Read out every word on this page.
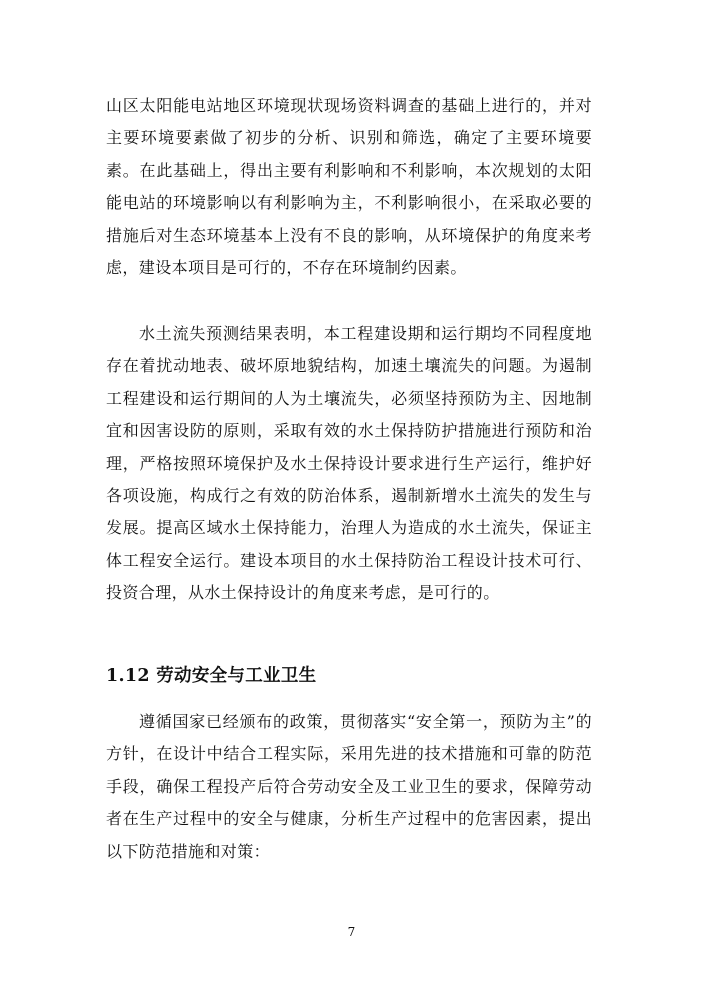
山区太阳能电站地区环境现状现场资料调查的基础上进行的，并对主要环境要素做了初步的分析、识别和筛选，确定了主要环境要素。在此基础上，得出主要有利影响和不利影响，本次规划的太阳能电站的环境影响以有利影响为主，不利影响很小，在采取必要的措施后对生态环境基本上没有不良的影响，从环境保护的角度来考虑，建设本项目是可行的，不存在环境制约因素。

水土流失预测结果表明，本工程建设期和运行期均不同程度地存在着扰动地表、破坏原地貌结构，加速土壤流失的问题。为遏制工程建设和运行期间的人为土壤流失，必须坚持预防为主、因地制宜和因害设防的原则，采取有效的水土保持防护措施进行预防和治理，严格按照环境保护及水土保持设计要求进行生产运行，维护好各项设施，构成行之有效的防治体系，遏制新增水土流失的发生与发展。提高区域水土保持能力，治理人为造成的水土流失，保证主体工程安全运行。建设本项目的水土保持防治工程设计技术可行、投资合理，从水土保持设计的角度来考虑，是可行的。

1.12 劳动安全与工业卫生

遵循国家已经颁布的政策，贯彻落实“安全第一，预防为主”的方针，在设计中结合工程实际，采用先进的技术措施和可靠的防范手段，确保工程投产后符合劳动安全及工业卫生的要求，保障劳动者在生产过程中的安全与健康，分析生产过程中的危害因素，提出以下防范措施和对策：

7
